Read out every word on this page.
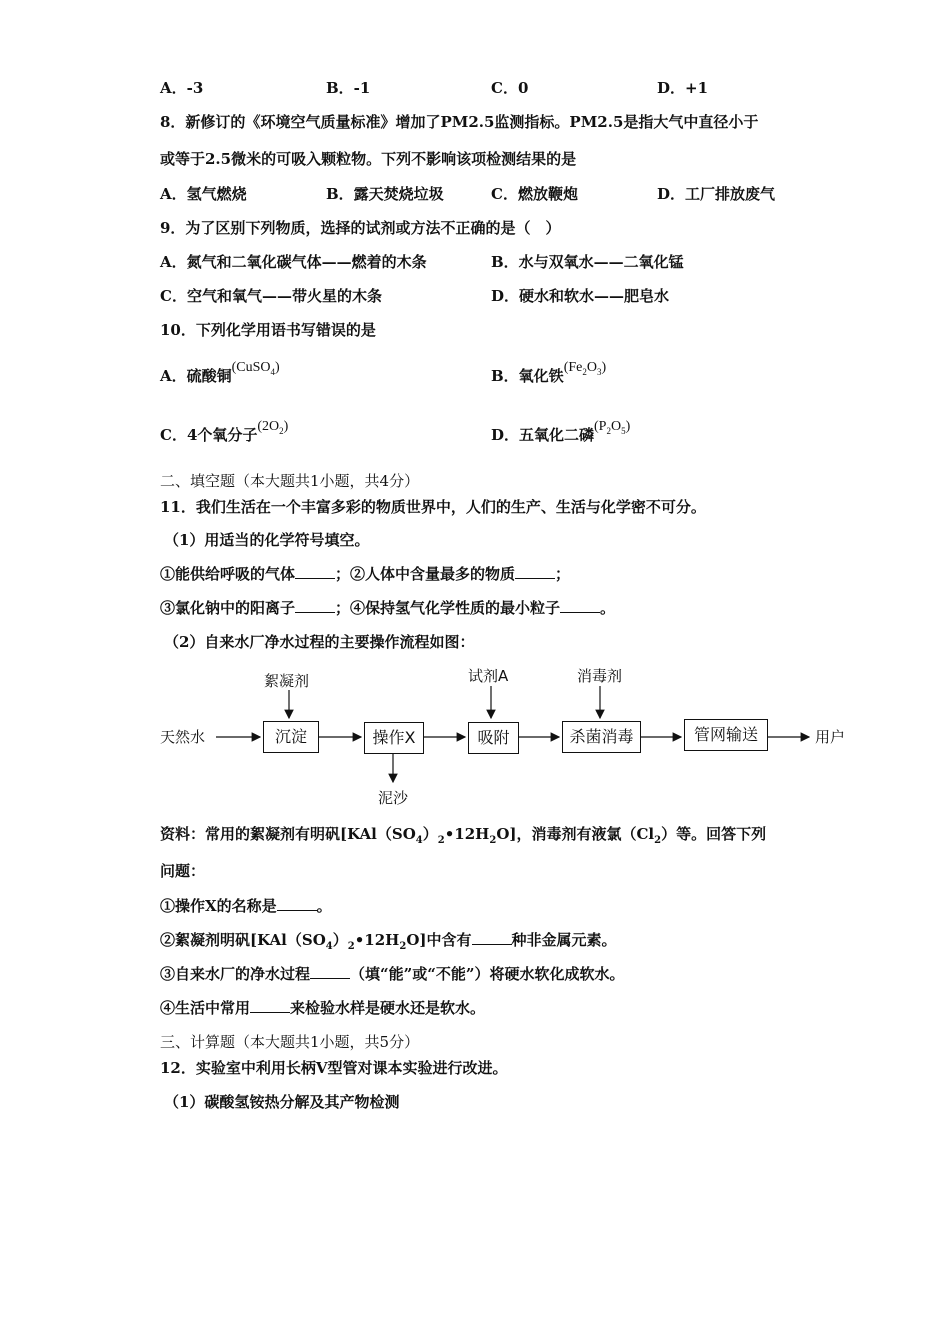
A．-3	B．-1	C．0	D．+1
8．新修订的《环境空气质量标准》增加了PM2.5监测指标。PM2.5是指大气中直径小于
或等于2.5微米的可吸入颗粒物。下列不影响该项检测结果的是
A．氢气燃烧	B．露天焚烧垃圾	C．燃放鞭炮	D．工厂排放废气
9．为了区别下列物质，选择的试剂或方法不正确的是（　）
A．氮气和二氧化碳气体——燃着的木条	B．水与双氧水——二氧化锰
C．空气和氧气——带火星的木条	D．硬水和软水——肥皂水
10．下列化学用语书写错误的是
A．硫酸铜(CuSO$_4$)	B．氧化铁$(Fe_2O_3)$
C．4个氧分子$(2O_2)$	D．五氧化二磷$(P_2O_5)$
二、填空题（本大题共1小题，共4分）
11．我们生活在一个丰富多彩的物质世界中，人们的生产、生活与化学密不可分。
（1）用适当的化学符号填空。
①能供给呼吸的气体	；②人体中含量最多的物质	；
③氯化钠中的阳离子	；④保持氢气化学性质的最小粒子	。
（2）自来水厂净水过程的主要操作流程如图：
天然水	沉淀	操作X	吸附	杀菌消毒	管网输送	用户
絮凝剂	试剂A	消毒剂
泥沙
资料：常用的絮凝剂有明矾$[KAl(SO_4)_2•12H_2O]$，消毒剂有液氯$(Cl_2)$等。回答下列
问题：
①操作X的名称是	。
②絮凝剂明矾$[KAl(SO_4)_2•12H_2O]$中含有	种非金属元素。
③自来水厂的净水过程	（填“能”或“不能”）将硬水软化成软水。
④生活中常用	来检验水样是硬水还是软水。
三、计算题（本大题共1小题，共5分）
12．实验室中利用长柄V型管对课本实验进行改进。
（1）碳酸氢铵热分解及其产物检测
